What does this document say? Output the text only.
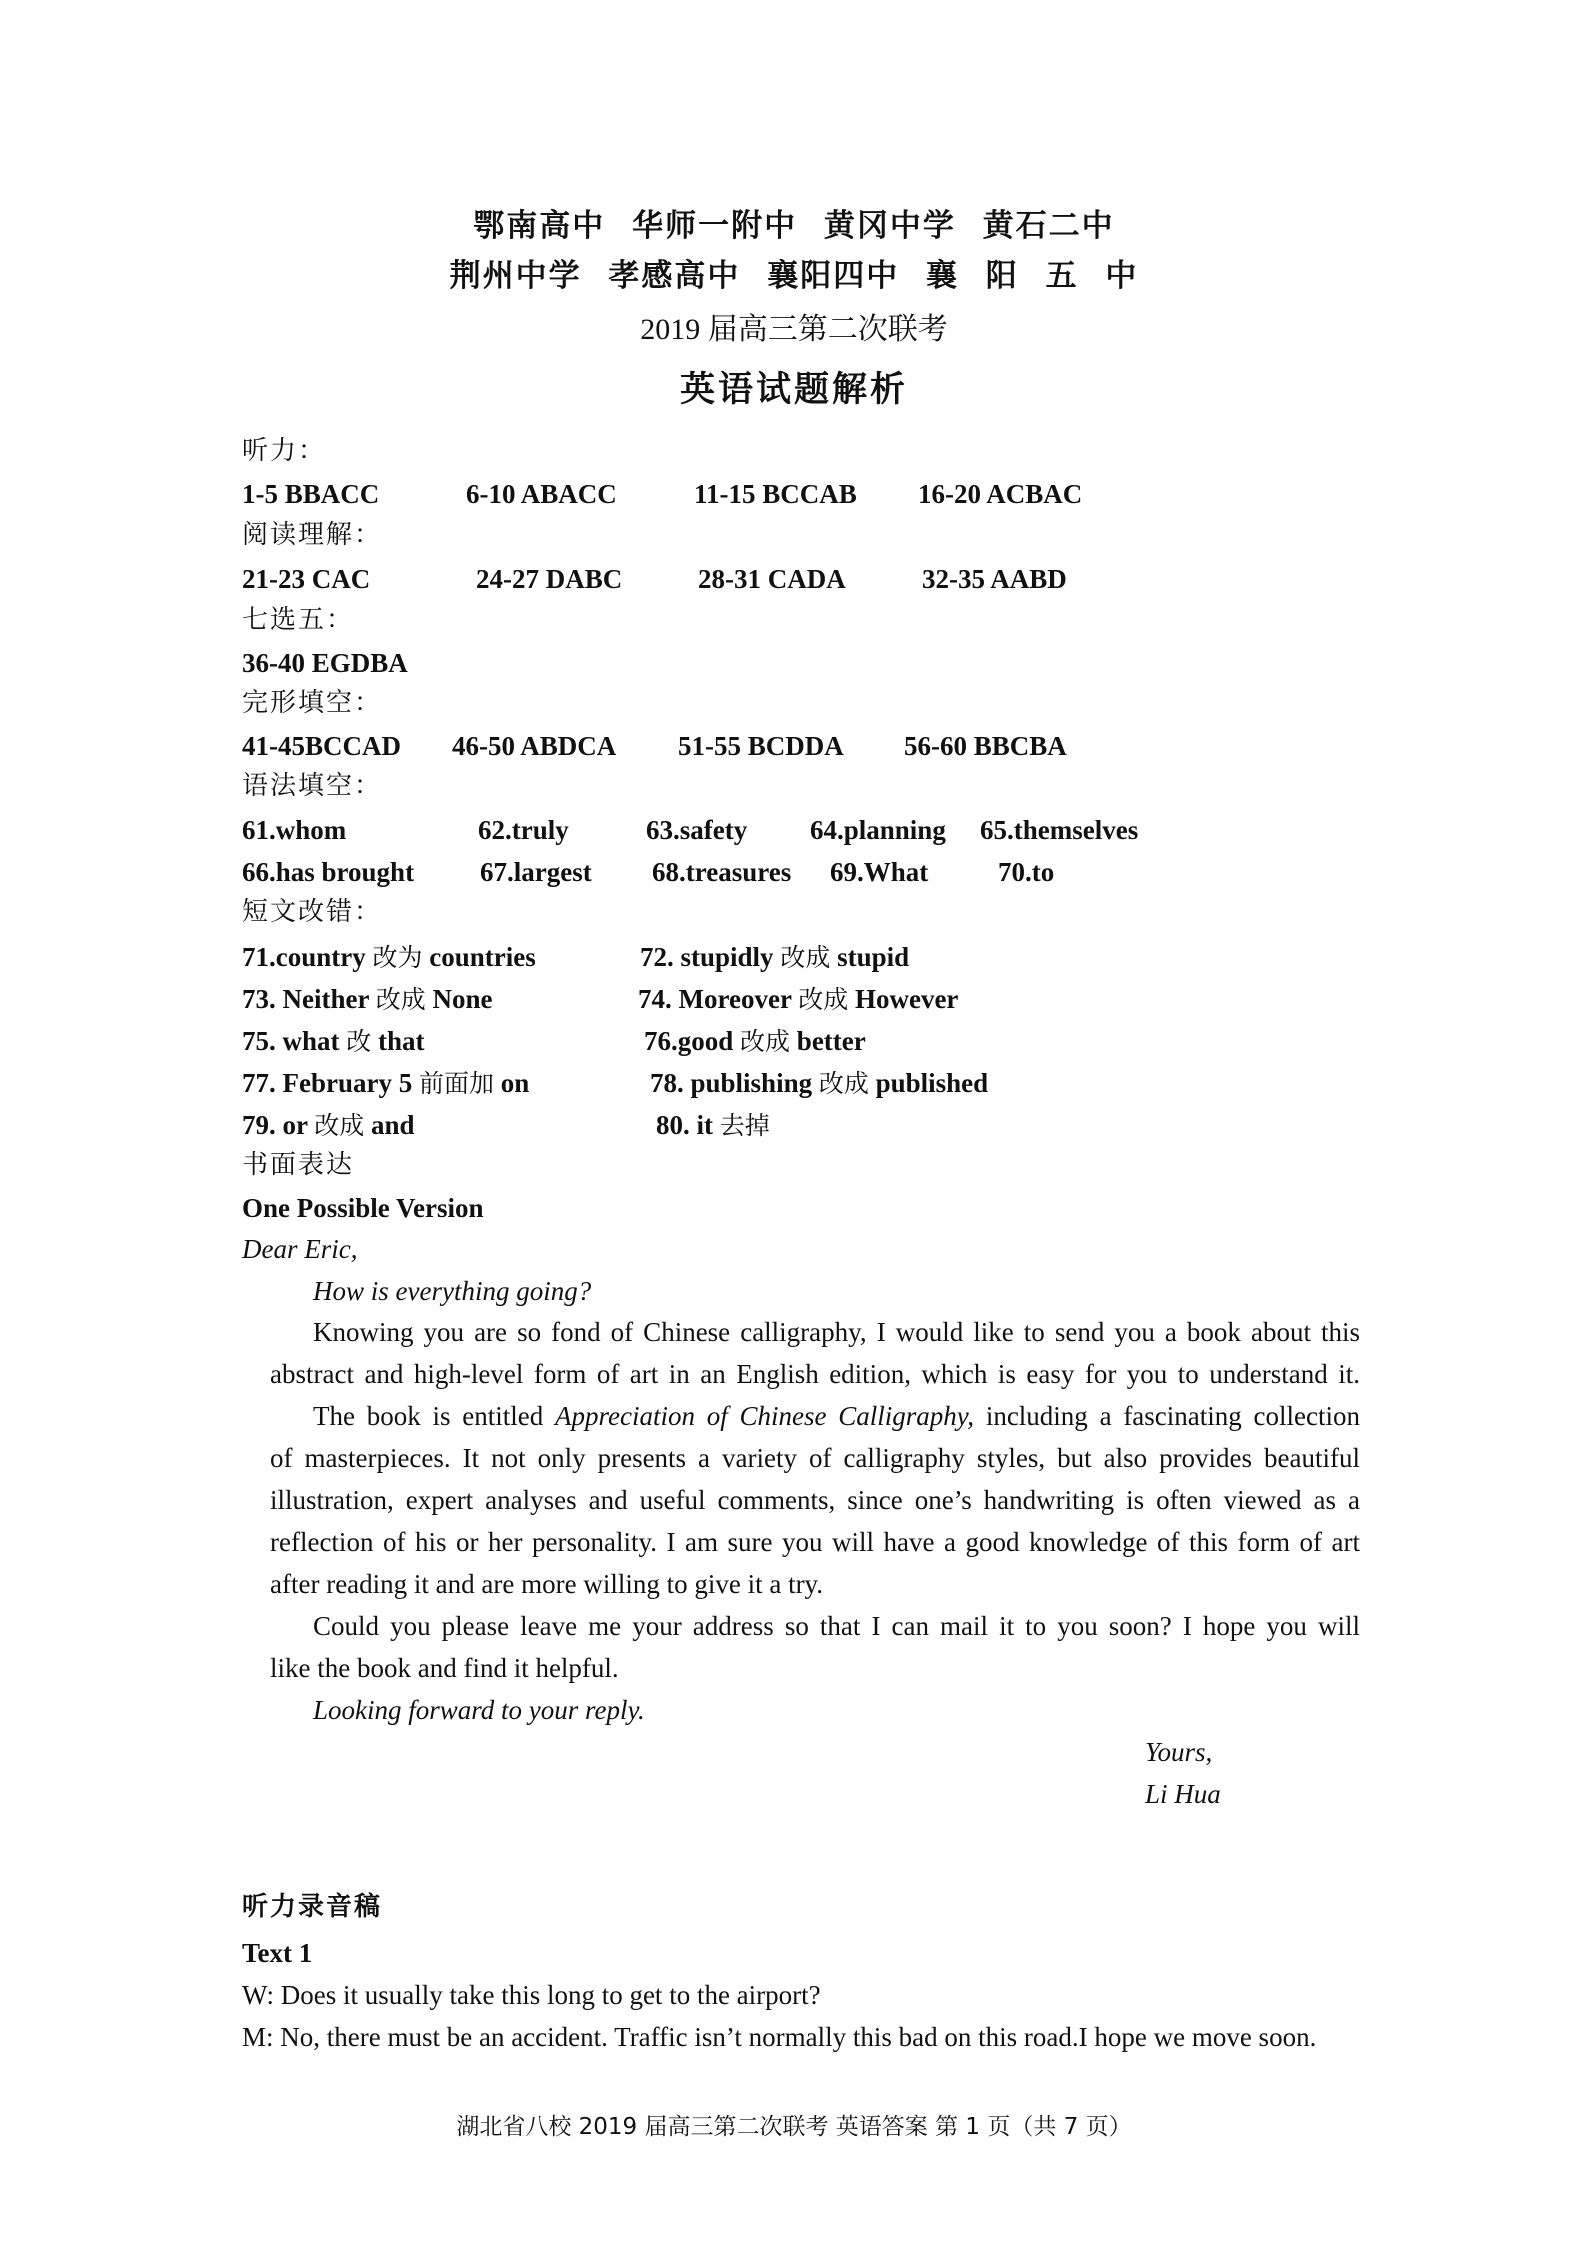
鄂南高中 华师一附中 黄冈中学 黄石二中
荆州中学 孝感高中 襄阳四中 襄 阳 五 中
2019 届高三第二次联考
英语试题解析
听力：
1-5 BBACC	6-10 ABACC	11-15 BCCAB 16-20 ACBAC
阅读理解：
21-23 CAC	24-27 DABC	28-31 CADA	32-35 AABD
七选五：
36-40 EGDBA
完形填空：
41-45BCCAD 46-50 ABDCA 51-55 BCDDA 56-60 BBCBA
语法填空：
61.whom	62.truly	63.safety 64.planning 65.themselves
66.has brought 67.largest 68.treasures 69.What	70.to
短文改错：
71.country 改为 countries	72. stupidly 改成 stupid
73. Neither 改成 None	74. Moreover 改成 However
75. what 改 that	76.good 改成 better
77. February 5 前面加 on	78. publishing 改成 published
79. or 改成 and	80. it 去掉
书面表达
One Possible Version
Dear Eric,
How is everything going?
Knowing you are so fond of Chinese calligraphy, I would like to send you a book about this
abstract and high-level form of art in an English edition, which is easy for you to understand it.
The book is entitled Appreciation of Chinese Calligraphy, including a fascinating collection
of masterpieces. It not only presents a variety of calligraphy styles, but also provides beautiful
illustration, expert analyses and useful comments, since one’s handwriting is often viewed as a
reflection of his or her personality. I am sure you will have a good knowledge of this form of art
after reading it and are more willing to give it a try.
Could you please leave me your address so that I can mail it to you soon? I hope you will
like the book and find it helpful.
Looking forward to your reply.
Yours,
Li Hua
听力录音稿
Text 1
W: Does it usually take this long to get to the airport?
M: No, there must be an accident. Traffic isn’t normally this bad on this road.I hope we move soon.
湖北省八校 2019 届高三第二次联考 英语答案 第 1 页（共 7 页）
